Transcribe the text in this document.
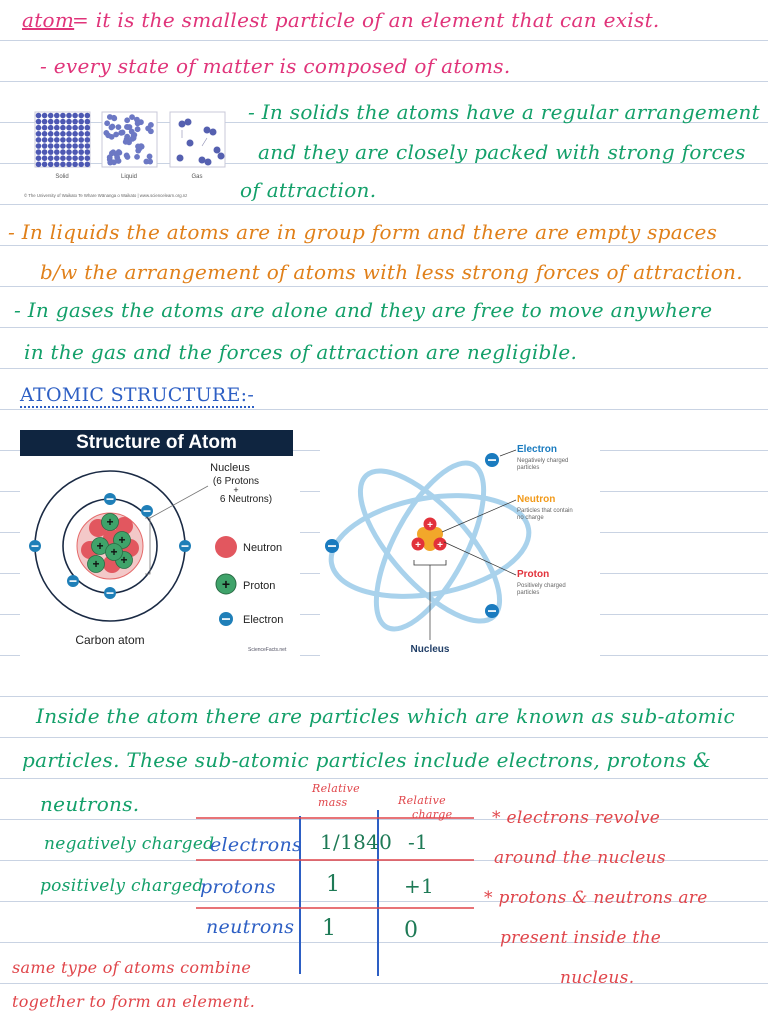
atom
= it is the smallest particle of an element that can exist.
- every state of matter is composed of atoms.
Solid	Liquid	Gas
© The University of Waikato Te Whare Wānanga o Waikato | www.sciencelearn.org.nz
- In solids the atoms have a regular arrangement
and they are closely packed with strong forces
of attraction.
- In liquids the atoms are in group form and there are empty spaces
b/w the arrangement of atoms with less strong forces of attraction.
- In gases the atoms are alone and they are free to move anywhere
in the gas and the forces of attraction are negligible.
ATOMIC STRUCTURE:-
Structure of Atom
+
+
+
+
+
+
Nucleus
(6 Protons
+
6 Neutrons)
Neutron
+ Proton
Electron
Carbon atom
ScienceFacts.net
+ +
+
Electron
Negatively charged
particles
Neutron
Particles that contain
no charge
Proton
Positively charged
particles
Nucleus
Inside the atom there are particles which are known as sub-atomic
particles. These sub-atomic particles include electrons, protons &
neutrons.
negatively charged
positively charged
Relative
mass	Relative
charge
electrons 1/1840 -1
protons 1	+1
neutrons 1	0
* electrons revolve
around the nucleus
* protons & neutrons are
present inside the
nucleus.
same type of atoms combine
together to form an element.
